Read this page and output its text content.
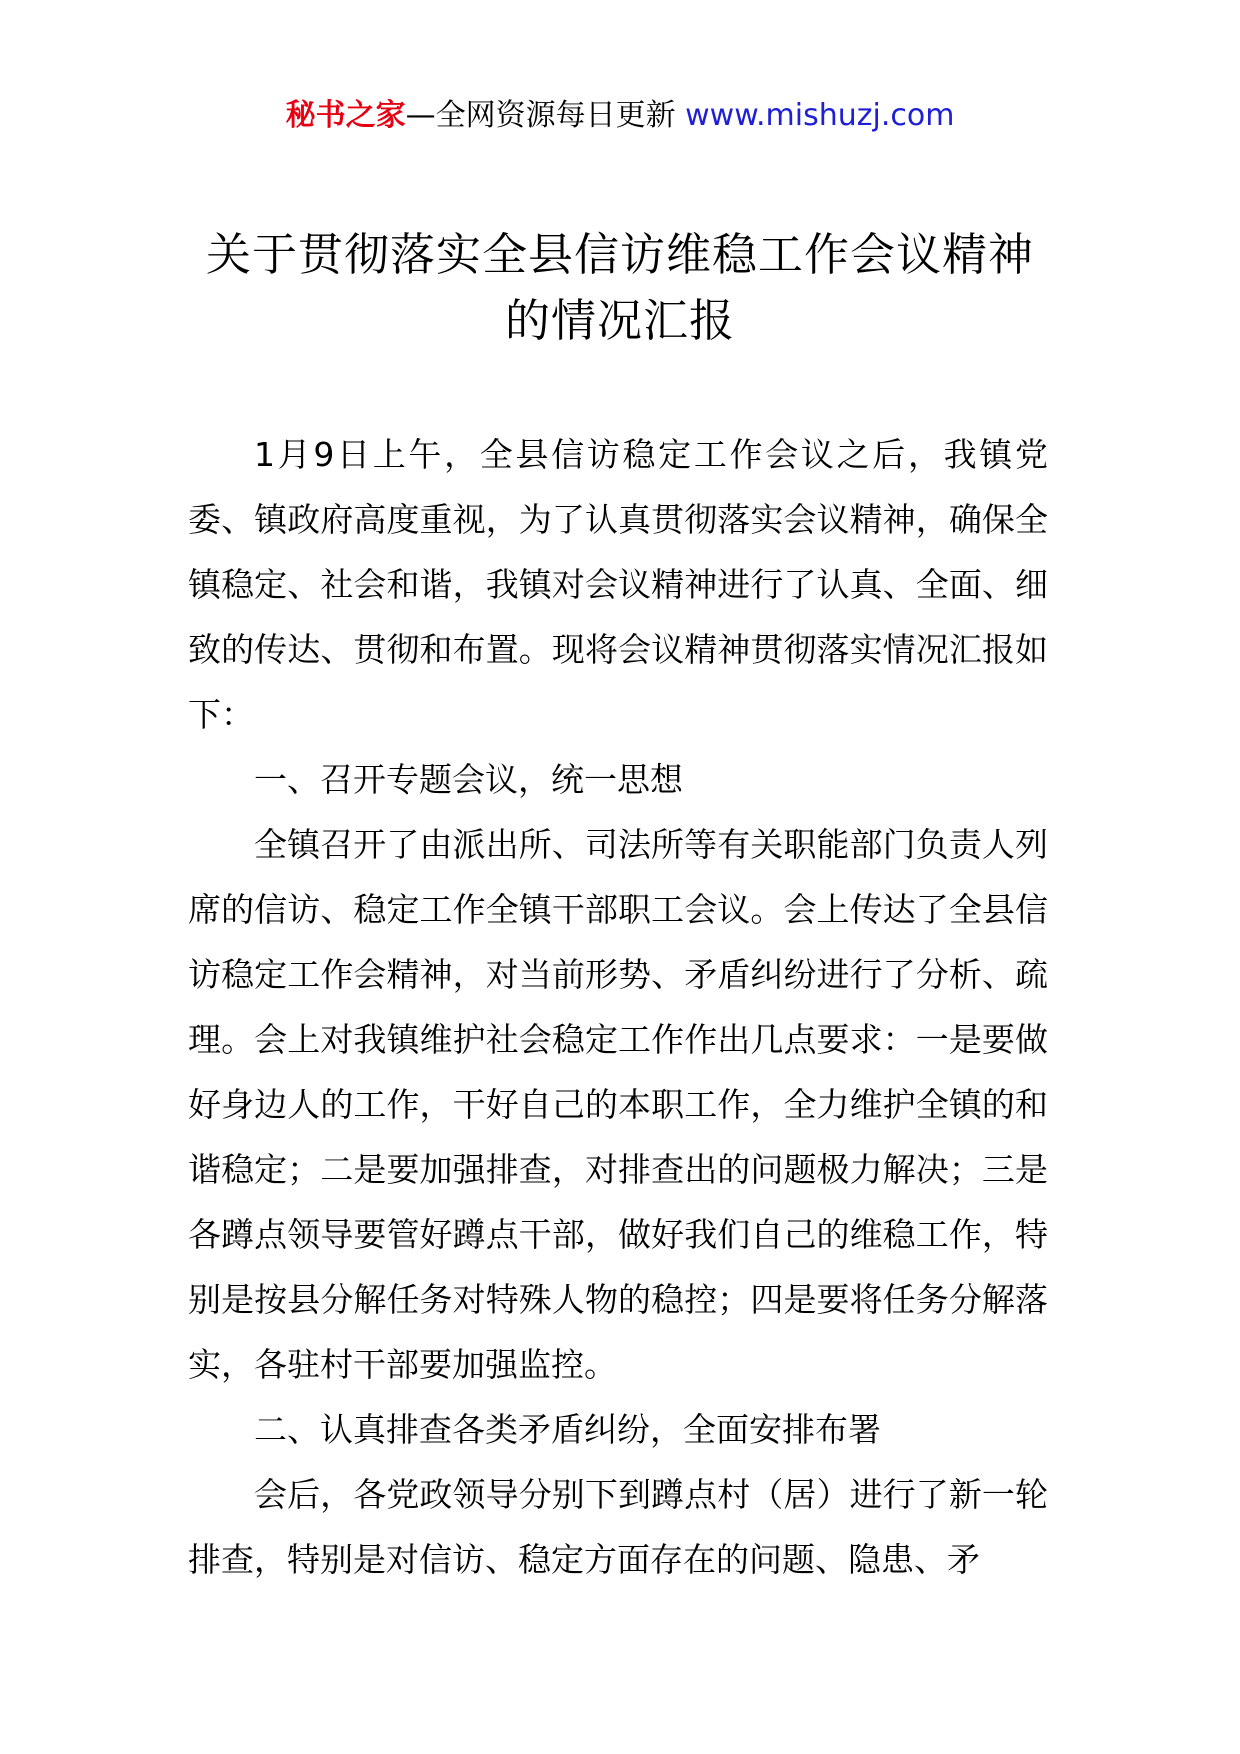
秘书之家—全网资源每日更新 www.mishuzj.com
关于贯彻落实全县信访维稳工作会议精神
的情况汇报

1月9日上午，全县信访稳定工作会议之后，我镇党委、镇政府高度重视，为了认真贯彻落实会议精神，确保全镇稳定、社会和谐，我镇对会议精神进行了认真、全面、细致的传达、贯彻和布置。现将会议精神贯彻落实情况汇报如下：

一、召开专题会议，统一思想

全镇召开了由派出所、司法所等有关职能部门负责人列席的信访、稳定工作全镇干部职工会议。会上传达了全县信访稳定工作会精神，对当前形势、矛盾纠纷进行了分析、疏理。会上对我镇维护社会稳定工作作出几点要求：一是要做好身边人的工作，干好自己的本职工作，全力维护全镇的和谐稳定；二是要加强排查，对排查出的问题极力解决；三是各蹲点领导要管好蹲点干部，做好我们自己的维稳工作，特别是按县分解任务对特殊人物的稳控；四是要将任务分解落实，各驻村干部要加强监控。

二、认真排查各类矛盾纠纷，全面安排布署

会后，各党政领导分别下到蹲点村（居）进行了新一轮排查，特别是对信访、稳定方面存在的问题、隐患、矛
